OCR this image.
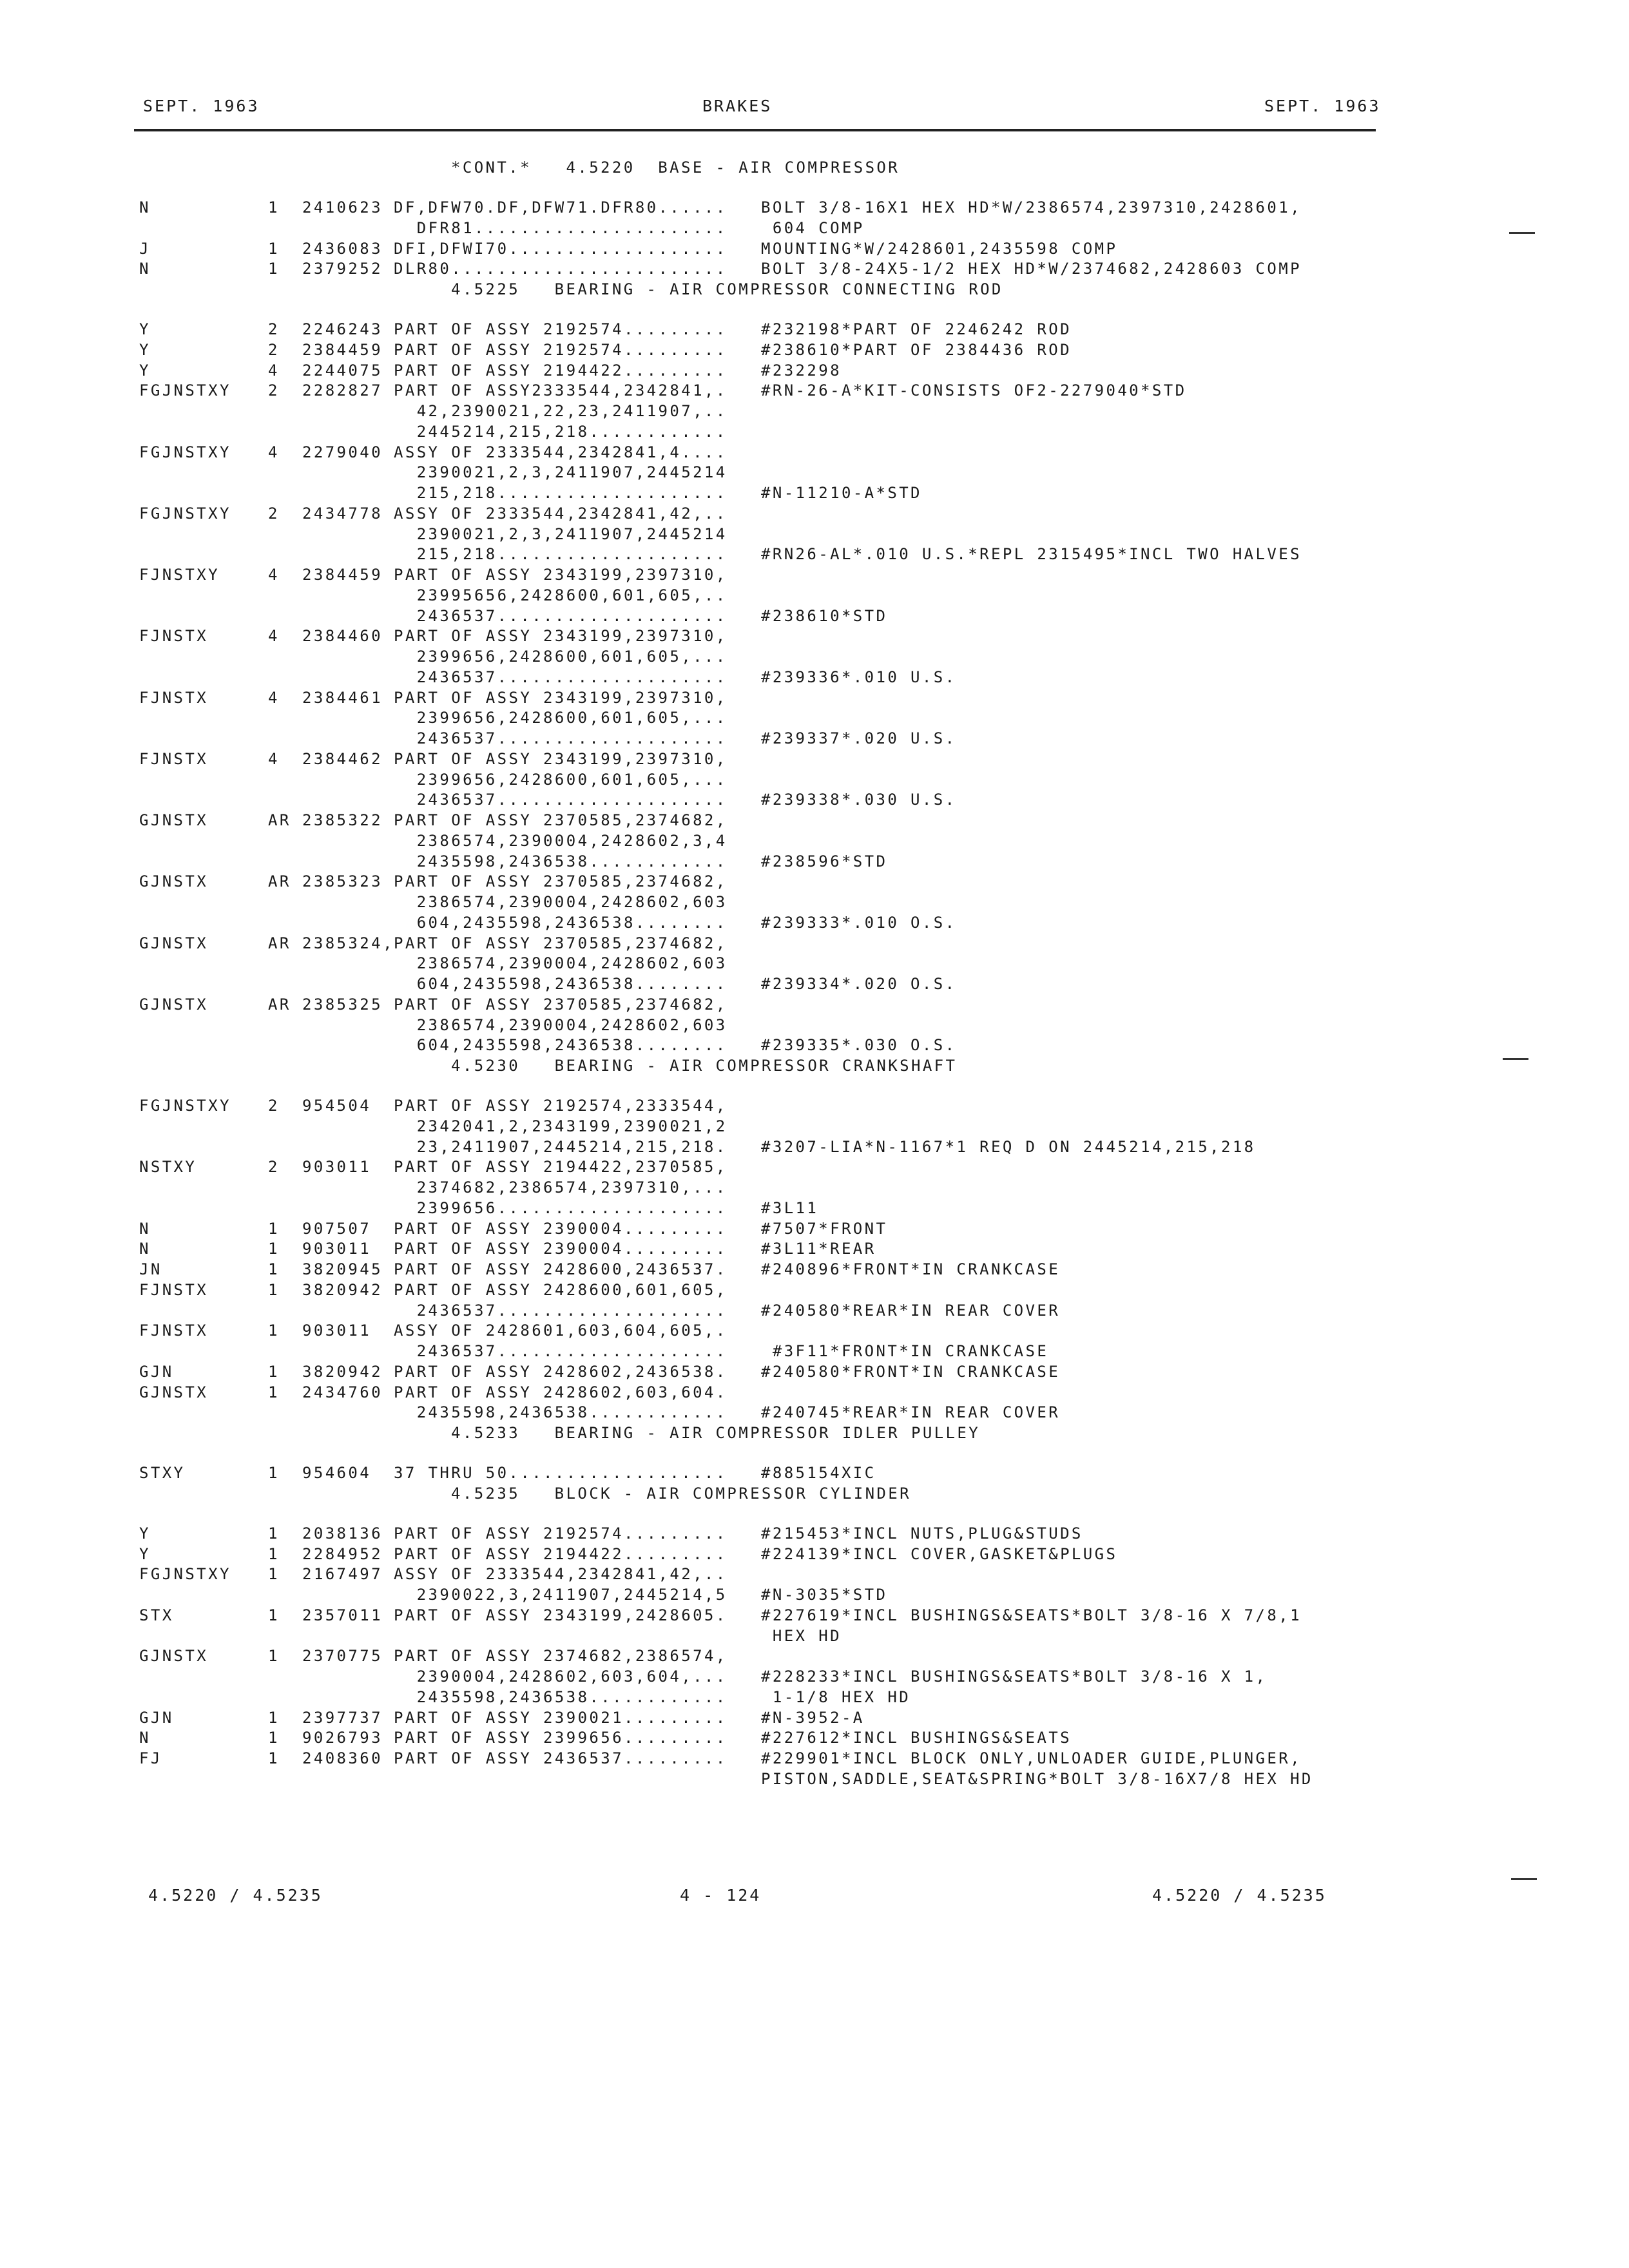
SEPT. 1963	BRAKES	SEPT. 1963
*CONT.*   4.5220  BASE - AIR COMPRESSOR
N	1 2410623 DF,DFW70.DF,DFW71.DFR80...... BOLT 3/8-16X1 HEX HD*W/2386574,2397310,2428601,
DFR81...................... 604 COMP
J	1 2436083 DFI,DFWI70................... MOUNTING*W/2428601,2435598 COMP
N	1 2379252 DLR80........................ BOLT 3/8-24X5-1/2 HEX HD*W/2374682,2428603 COMP
4.5225   BEARING - AIR COMPRESSOR CONNECTING ROD
Y	2 2246243 PART OF ASSY 2192574......... #232198*PART OF 2246242 ROD
Y	2 2384459 PART OF ASSY 2192574......... #238610*PART OF 2384436 ROD
Y	4 2244075 PART OF ASSY 2194422......... #232298
FGJNSTXY 2 2282827 PART OF ASSY2333544,2342841,. #RN-26-A*KIT-CONSISTS OF2-2279040*STD
42,2390021,22,23,2411907,..
2445214,215,218............
FGJNSTXY 4 2279040 ASSY OF 2333544,2342841,4....
2390021,2,3,2411907,2445214
215,218.................... #N-11210-A*STD
FGJNSTXY 2 2434778 ASSY OF 2333544,2342841,42,..
2390021,2,3,2411907,2445214
215,218.................... #RN26-AL*.010 U.S.*REPL 2315495*INCL TWO HALVES
FJNSTXY	4 2384459 PART OF ASSY 2343199,2397310,
23995656,2428600,601,605,..
2436537.................... #238610*STD
FJNSTX	4 2384460 PART OF ASSY 2343199,2397310,
2399656,2428600,601,605,...
2436537.................... #239336*.010 U.S.
FJNSTX	4 2384461 PART OF ASSY 2343199,2397310,
2399656,2428600,601,605,...
2436537.................... #239337*.020 U.S.
FJNSTX	4 2384462 PART OF ASSY 2343199,2397310,
2399656,2428600,601,605,...
2436537.................... #239338*.030 U.S.
GJNSTX	AR 2385322 PART OF ASSY 2370585,2374682,
2386574,2390004,2428602,3,4
2435598,2436538............ #238596*STD
GJNSTX	AR 2385323 PART OF ASSY 2370585,2374682,
2386574,2390004,2428602,603
604,2435598,2436538........ #239333*.010 O.S.
GJNSTX	AR 2385324, PART OF ASSY 2370585,2374682,
2386574,2390004,2428602,603
604,2435598,2436538........ #239334*.020 O.S.
GJNSTX	AR 2385325 PART OF ASSY 2370585,2374682,
2386574,2390004,2428602,603
604,2435598,2436538........ #239335*.030 O.S.
4.5230   BEARING - AIR COMPRESSOR CRANKSHAFT
FGJNSTXY 2 954504 PART OF ASSY 2192574,2333544,
2342041,2,2343199,2390021,2
23,2411907,2445214,215,218. #3207-LIA*N-1167*1 REQ D ON 2445214,215,218
NSTXY	2 903011 PART OF ASSY 2194422,2370585,
2374682,2386574,2397310,...
2399656.................... #3L11
N	1 907507 PART OF ASSY 2390004......... #7507*FRONT
N	1 903011 PART OF ASSY 2390004......... #3L11*REAR
JN	1 3820945 PART OF ASSY 2428600,2436537. #240896*FRONT*IN CRANKCASE
FJNSTX	1 3820942 PART OF ASSY 2428600,601,605,
2436537.................... #240580*REAR*IN REAR COVER
FJNSTX	1 903011 ASSY OF 2428601,603,604,605,.
2436537.................... #3F11*FRONT*IN CRANKCASE
GJN	1 3820942 PART OF ASSY 2428602,2436538. #240580*FRONT*IN CRANKCASE
GJNSTX	1 2434760 PART OF ASSY 2428602,603,604.
2435598,2436538............ #240745*REAR*IN REAR COVER
4.5233   BEARING - AIR COMPRESSOR IDLER PULLEY
STXY	1 954604 37 THRU 50................... #885154XIC
4.5235   BLOCK - AIR COMPRESSOR CYLINDER
Y	1 2038136 PART OF ASSY 2192574......... #215453*INCL NUTS,PLUG&STUDS
Y	1 2284952 PART OF ASSY 2194422......... #224139*INCL COVER,GASKET&PLUGS
FGJNSTXY 1 2167497 ASSY OF 2333544,2342841,42,..
2390022,3,2411907,2445214,5 #N-3035*STD
STX	1 2357011 PART OF ASSY 2343199,2428605. #227619*INCL BUSHINGS&SEATS*BOLT 3/8-16 X 7/8,1
HEX HD
GJNSTX	1 2370775 PART OF ASSY 2374682,2386574,
2390004,2428602,603,604,... #228233*INCL BUSHINGS&SEATS*BOLT 3/8-16 X 1,
2435598,2436538............ 1-1/8 HEX HD
GJN	1 2397737 PART OF ASSY 2390021......... #N-3952-A
N	1 9026793 PART OF ASSY 2399656......... #227612*INCL BUSHINGS&SEATS
FJ	1 2408360 PART OF ASSY 2436537......... #229901*INCL BLOCK ONLY,UNLOADER GUIDE,PLUNGER,
PISTON,SADDLE,SEAT&SPRING*BOLT 3/8-16X7/8 HEX HD
4.5220 / 4.5235	4 - 124	4.5220 / 4.5235
